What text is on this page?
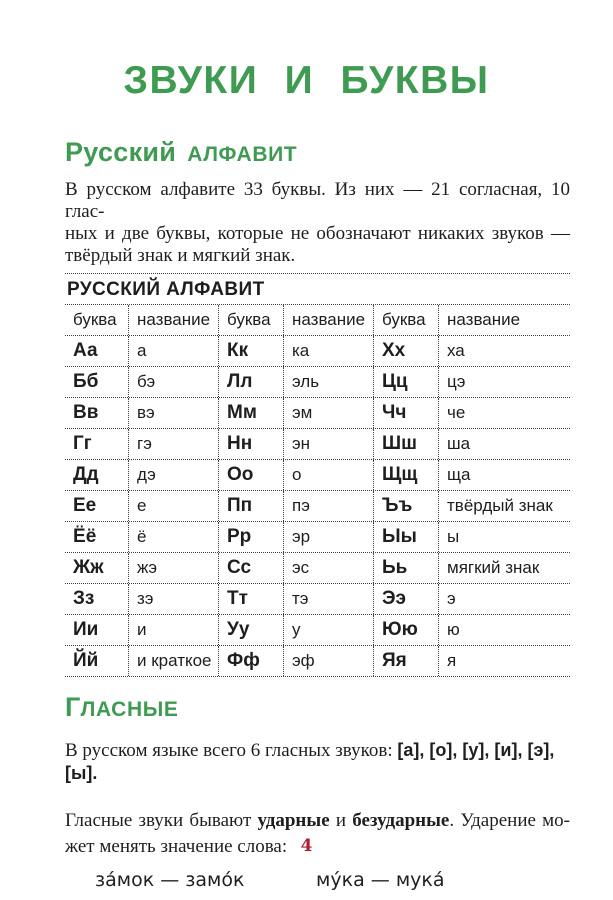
ЗВУКИ И БУКВЫ
Русский АЛФАВИТ

В русском алфавите 33 буквы. Из них — 21 согласная, 10 глас-
ных и две буквы, которые не обозначают никаких звуков —
твёрдый знак и мягкий знак.

РУССКИЙ АЛФАВИТ
буква	название буква	название буква	название
Аа	а	Кк	ка	Хх	ха
Бб	бэ	Лл	эль	Цц	цэ
Вв	вэ	Мм	эм	Чч	че
Гг	гэ	Нн	эн	Шш	ша
Дд	дэ	Оо	о	Щщ	ща
Ее	е	Пп	пэ	Ъъ	твёрдый знак
Ёё	ё	Рр	эр	Ыы	ы
Жж	жэ	Сс	эс	Ьь	мягкий знак
Зз	зэ	Тт	тэ	Ээ	э
Ии	и	Уу	у	Юю	ю
Йй	и краткое Фф	эф	Яя	я
ГЛАСНЫЕ

В русском языке всего 6 гласных звуков: [а], [о], [у], [и], [э], [ы].

Гласные звуки бывают ударные и безударные. Ударение мо-
жет менять значение слова:

за́мок — замо́к	му́ка — мука́
4
